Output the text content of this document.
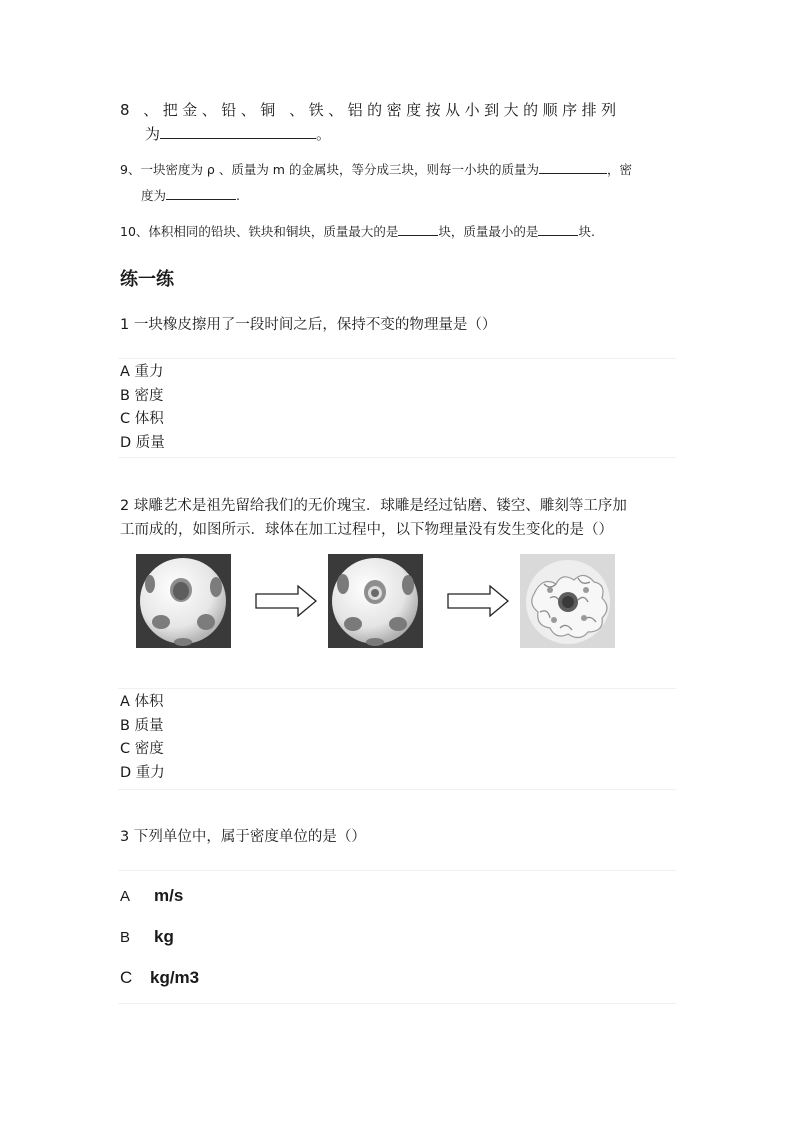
8 、把金、铅、铜 、铁、铝的密度按从小到大的顺序排列
为	。
9、一块密度为 ρ 、质量为 m 的金属块，等分成三块，则每一小块的质量为	，密
度为	.
10、体积相同的铅块、铁块和铜块，质量最大的是	块，质量最小的是	块.
练一练
1 一块橡皮擦用了一段时间之后，保持不变的物理量是（）
A 重力
B 密度
C 体积
D 质量
2 球雕艺术是祖先留给我们的无价瑰宝．球雕是经过钻磨、镂空、雕刻等工序加
工而成的，如图所示．球体在加工过程中，以下物理量没有发生变化的是（）
A 体积
B 质量
C 密度
D 重力
3 下列单位中，属于密度单位的是（）
A m/s
B kg
C kg/m3
